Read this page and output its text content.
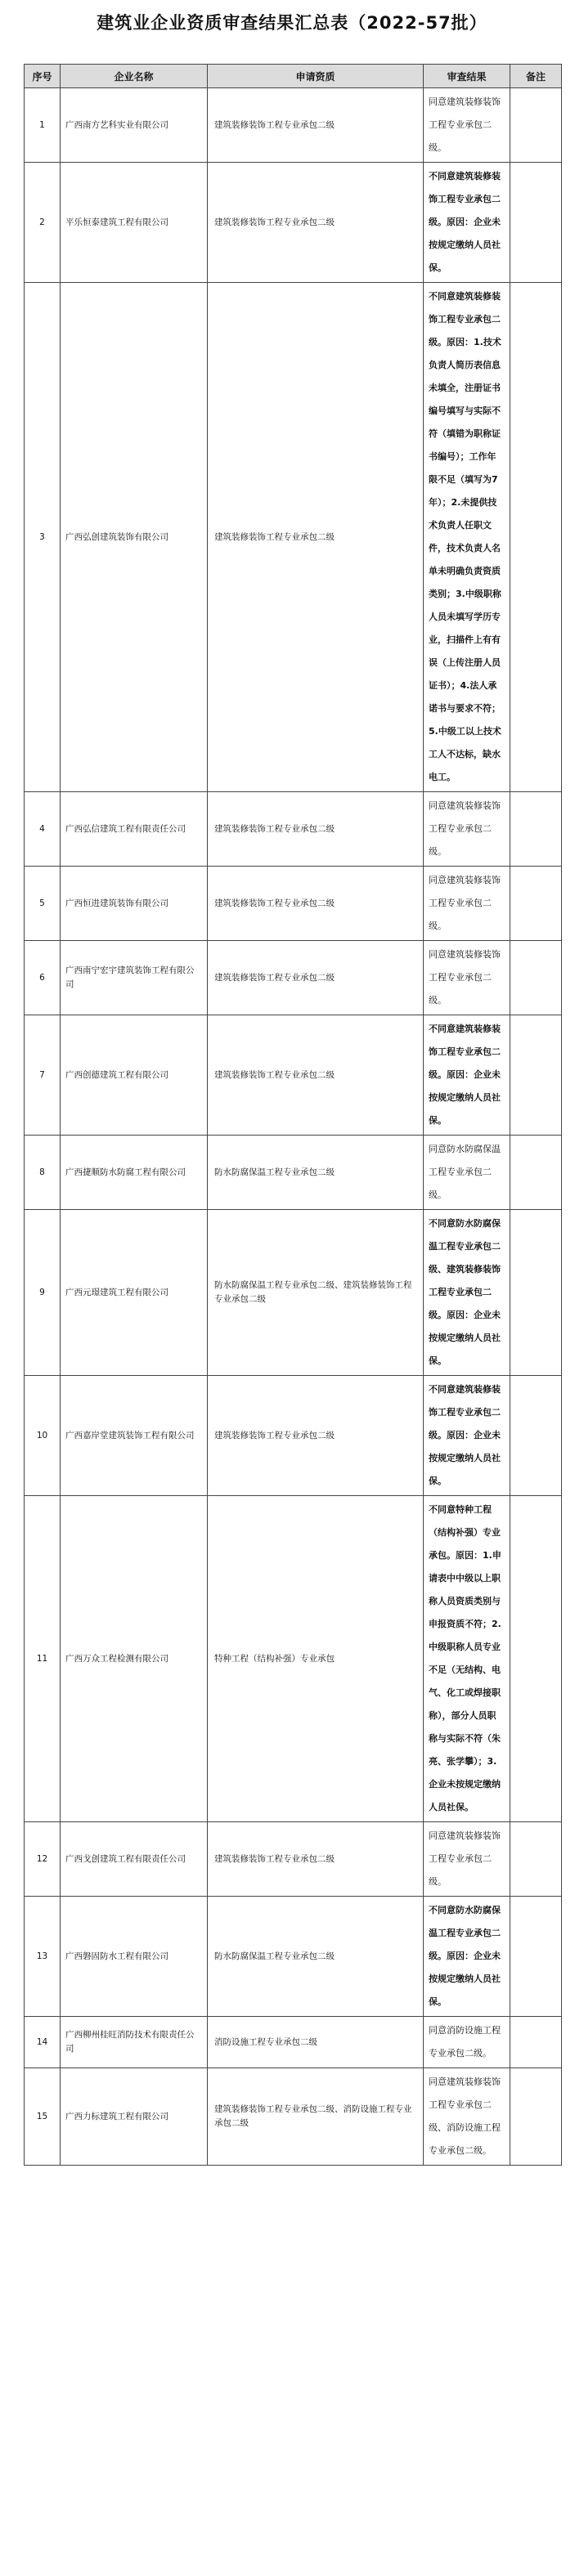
建筑业企业资质审查结果汇总表（2022-57批）
序号	企业名称	申请资质	审查结果	备注
1	广西南方艺科实业有限公司	建筑装修装饰工程专业承包二级	同意建筑装修装饰工程专业承包二级。	
2	平乐恒泰建筑工程有限公司	建筑装修装饰工程专业承包二级	不同意建筑装修装饰工程专业承包二级。原因：企业未按规定缴纳人员社保。	
3	广西弘创建筑装饰有限公司	建筑装修装饰工程专业承包二级	不同意建筑装修装饰工程专业承包二级。原因：1.技术负责人简历表信息未填全，注册证书编号填写与实际不符（填错为职称证书编号）；工作年限不足（填写为7年）；2.未提供技术负责人任职文件，技术负责人名单未明确负责资质类别；3.中级职称人员未填写学历专业，扫描件上有有误（上传注册人员证书）；4.法人承诺书与要求不符；5.中级工以上技术工人不达标，缺水电工。	
4	广西弘信建筑工程有限责任公司	建筑装修装饰工程专业承包二级	同意建筑装修装饰工程专业承包二级。	
5	广西恒进建筑装饰有限公司	建筑装修装饰工程专业承包二级	同意建筑装修装饰工程专业承包二级。	
6	广西南宁宏宇建筑装饰工程有限公司	建筑装修装饰工程专业承包二级	同意建筑装修装饰工程专业承包二级。	
7	广西创德建筑工程有限公司	建筑装修装饰工程专业承包二级	不同意建筑装修装饰工程专业承包二级。原因：企业未按规定缴纳人员社保。	
8	广西捷顺防水防腐工程有限公司	防水防腐保温工程专业承包二级	同意防水防腐保温工程专业承包二级。	
9	广西元璟建筑工程有限公司	防水防腐保温工程专业承包二级、建筑装修装饰工程专业承包二级	不同意防水防腐保温工程专业承包二级、建筑装修装饰工程专业承包二级。原因：企业未按规定缴纳人员社保。	
10	广西嘉岸堂建筑装饰工程有限公司	建筑装修装饰工程专业承包二级	不同意建筑装修装饰工程专业承包二级。原因：企业未按规定缴纳人员社保。	
11	广西万众工程检测有限公司	特种工程（结构补强）专业承包	不同意特种工程（结构补强）专业承包。原因：1.申请表中中级以上职称人员资质类别与申报资质不符；2.中级职称人员专业不足（无结构、电气、化工或焊接职称），部分人员职称与实际不符（朱亮、张学攀）；3.企业未按规定缴纳人员社保。	
12	广西戈创建筑工程有限责任公司	建筑装修装饰工程专业承包二级	同意建筑装修装饰工程专业承包二级。	
13	广西磐固防水工程有限公司	防水防腐保温工程专业承包二级	不同意防水防腐保温工程专业承包二级。原因：企业未按规定缴纳人员社保。	
14	广西柳州桂旺消防技术有限责任公司	消防设施工程专业承包二级	同意消防设施工程专业承包二级。	
15	广西力标建筑工程有限公司	建筑装修装饰工程专业承包二级、消防设施工程专业承包二级	同意建筑装修装饰工程专业承包二级、消防设施工程专业承包二级。	
